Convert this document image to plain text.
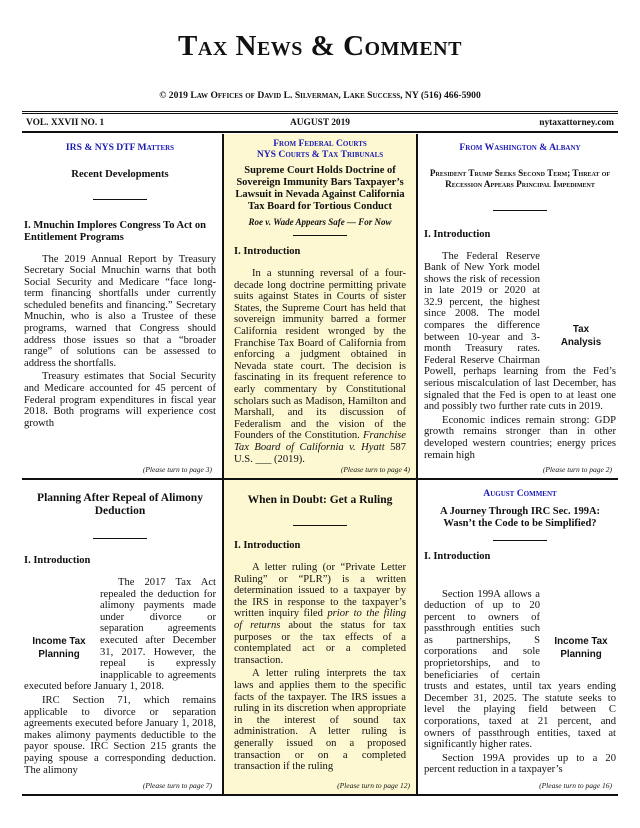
Tax News & Comment
© 2019 Law Offices of David L. Silverman, Lake Success, NY (516) 466-5900
VOL. XXVII NO. 1	AUGUST 2019	nytaxattorney.com
IRS & NYS DTF Matters
Recent Developments
I. Mnuchin Implores Congress To Act on Entitlement Programs

The 2019 Annual Report by Treasury Secretary Social Mnuchin warns that both Social Security and Medicare “face long-term financing shortfalls under currently scheduled benefits and financing.” Secretary Mnuchin, who is also a Trustee of these programs, warned that Congress should address those issues so that a “broader range” of solutions can be assessed to address the shortfalls.

Treasury estimates that Social Security and Medicare accounted for 45 percent of Federal program expenditures in fiscal year 2018. Both programs will experience cost growth

(Please turn to page 3)
From Federal Courts
NYS Courts & Tax Tribunals
Supreme Court Holds Doctrine of Sovereign Immunity Bars Taxpayer’s Lawsuit in Nevada Against California Tax Board for Tortious Conduct
Roe v. Wade Appears Safe — For Now
I. Introduction

In a stunning reversal of a four-decade long doctrine permitting private suits against States in Courts of sister States, the Supreme Court has held that sovereign immunity barred a former California resident wronged by the Franchise Tax Board of California from enforcing a judgment obtained in Nevada state court. The decision is fascinating in its frequent reference to early commentary by Constitutional scholars such as Madison, Hamilton and Marshall, and its discussion of Federalism and the vision of the Founders of the Constitution. Franchise Tax Board of California v. Hyatt 587 U.S. ___ (2019).

(Please turn to page 4)
From Washington & Albany
President Trump Seeks Second Term; Threat of Recession Appears Principal Impediment
I. Introduction
Tax
Analysis

The Federal Reserve Bank of New York model shows the risk of recession in late 2019 or 2020 at 32.9 percent, the highest since 2008. The model compares the difference between 10-year and 3-month Treasury rates. Federal Reserve Chairman Powell, perhaps learning from the Fed’s serious miscalculation of last December, has signaled that the Fed is open to at least one and possibly two further rate cuts in 2019.

Economic indices remain strong: GDP growth remains stronger than in other developed western countries; energy prices remain high

(Please turn to page 2)
Planning After Repeal of Alimony Deduction
I. Introduction
Income Tax
Planning

The 2017 Tax Act repealed the deduction for alimony payments made under divorce or separation agreements executed after December 31, 2017. However, the repeal is expressly inapplicable to agreements executed before January 1, 2018.

IRC Section 71, which remains applicable to divorce or separation agreements executed before January 1, 2018, makes alimony payments deductible to the payor spouse. IRC Section 215 grants the paying spouse a corresponding deduction. The alimony

(Please turn to page 7)
When in Doubt: Get a Ruling
I. Introduction

A letter ruling (or “Private Letter Ruling” or “PLR”) is a written determination issued to a taxpayer by the IRS in response to the taxpayer’s written inquiry filed prior to the filing of returns about the status for tax purposes or the tax effects of a contemplated act or a completed transaction.

A letter ruling interprets the tax laws and applies them to the specific facts of the taxpayer. The IRS issues a ruling in its discretion when appropriate in the interest of sound tax administration. A letter ruling is generally issued on a proposed transaction or on a completed transaction if the ruling

(Please turn to page 12)
August Comment
A Journey Through IRC Sec. 199A: Wasn’t the Code to be Simplified?
I. Introduction
Income Tax
Planning

Section 199A allows a deduction of up to 20 percent to owners of passthrough entities such as partnerships, S corporations and sole proprietorships, and to beneficiaries of certain trusts and estates, until tax years ending December 31, 2025. The statute seeks to level the playing field between C corporations, taxed at 21 percent, and owners of passthrough entities, taxed at significantly higher rates.

Section 199A provides up to a 20 percent reduction in a taxpayer’s

(Please turn to page 16)
